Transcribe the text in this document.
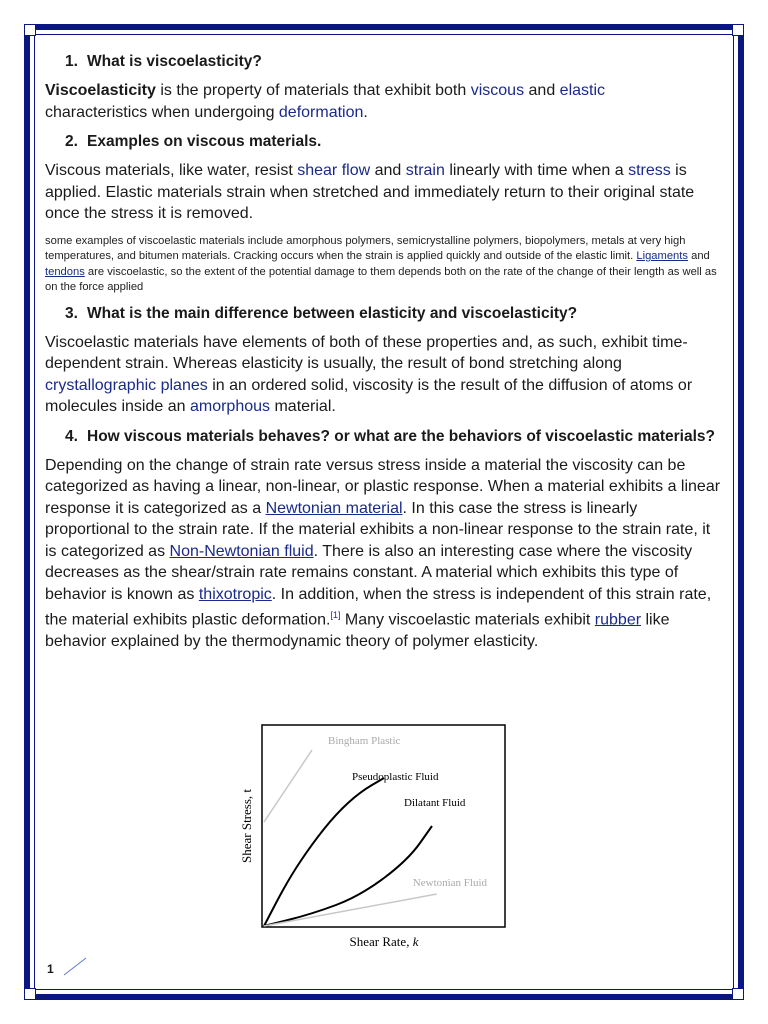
1. What is viscoelasticity?

Viscoelasticity is the property of materials that exhibit both viscous and elastic characteristics when undergoing deformation.

2. Examples on viscous materials.

Viscous materials, like water, resist shear flow and strain linearly with time when a stress is applied. Elastic materials strain when stretched and immediately return to their original state once the stress it is removed.

some examples of viscoelastic materials include amorphous polymers, semicrystalline polymers, biopolymers, metals at very high temperatures, and bitumen materials. Cracking occurs when the strain is applied quickly and outside of the elastic limit. Ligaments and tendons are viscoelastic, so the extent of the potential damage to them depends both on the rate of the change of their length as well as on the force applied

3. What is the main difference between elasticity and viscoelasticity?

Viscoelastic materials have elements of both of these properties and, as such, exhibit time-dependent strain. Whereas elasticity is usually, the result of bond stretching along crystallographic planes in an ordered solid, viscosity is the result of the diffusion of atoms or molecules inside an amorphous material.

4. How viscous materials behaves? or what are the behaviors of viscoelastic materials?

Depending on the change of strain rate versus stress inside a material the viscosity can be categorized as having a linear, non-linear, or plastic response. When a material exhibits a linear response it is categorized as a Newtonian material. In this case the stress is linearly proportional to the strain rate. If the material exhibits a non-linear response to the strain rate, it is categorized as Non-Newtonian fluid. There is also an interesting case where the viscosity decreases as the shear/strain rate remains constant. A material which exhibits this type of behavior is known as thixotropic. In addition, when the stress is independent of this strain rate, the material exhibits plastic deformation.[1] Many viscoelastic materials exhibit rubber like behavior explained by the thermodynamic theory of polymer elasticity.

Bingham Plastic
Pseudoplastic Fluid
Dilatant Fluid
Newtonian Fluid
Shear Rate, k
Shear Stress, t
1
